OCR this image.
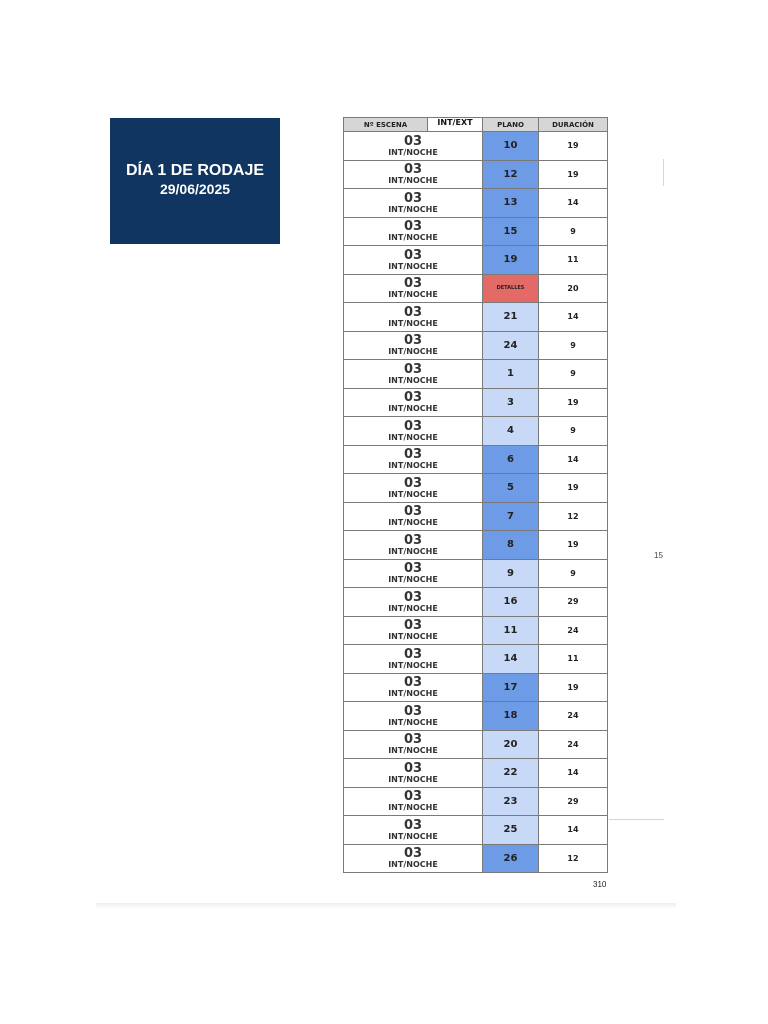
DÍA 1 DE RODAJE
29/06/2025
Nº ESCENA	INT/EXT	PLANO	DURACIÓN

03
INT/NOCHE		10	19

03
INT/NOCHE		12	19

03
INT/NOCHE		13	14

03
INT/NOCHE		15	9

03
INT/NOCHE		19	11

03
INT/NOCHE		DETALLES	20

03
INT/NOCHE		21	14

03
INT/NOCHE		24	9

03
INT/NOCHE		1	9

03
INT/NOCHE		3	19

03
INT/NOCHE		4	9

03
INT/NOCHE		6	14

03
INT/NOCHE		5	19

03
INT/NOCHE		7	12

03
INT/NOCHE		8	19

03
INT/NOCHE		9	9

03
INT/NOCHE		16	29

03
INT/NOCHE		11	24

03
INT/NOCHE		14	11

03
INT/NOCHE		17	19

03
INT/NOCHE		18	24

03
INT/NOCHE		20	24

03
INT/NOCHE		22	14

03
INT/NOCHE		23	29

03
INT/NOCHE		25	14

03
INT/NOCHE		26	12
310
15
